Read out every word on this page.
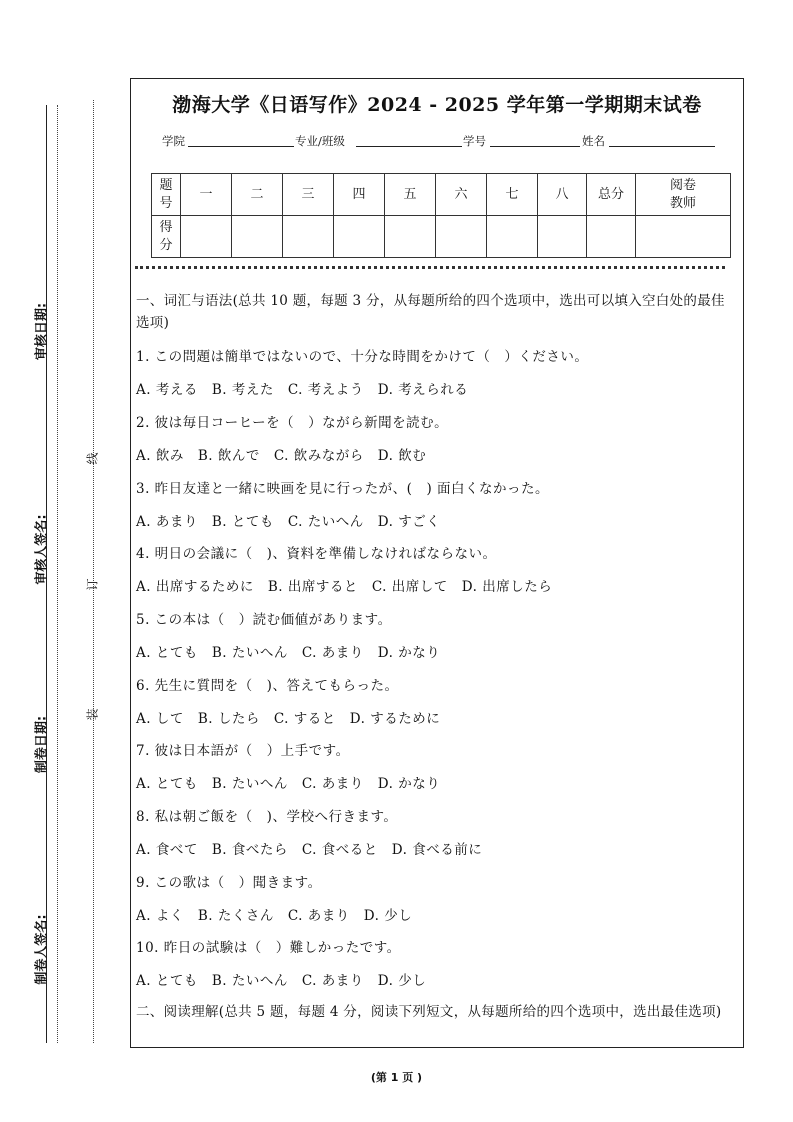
审核日期:
审核人签名:
制卷日期:
制卷人签名:
线
订
装
渤海大学《日语写作》2024 - 2025 学年第一学期期末试卷
学院	专业/班级	学号	姓名
题号	一	二	三	四	五	六	七	八	总分	阅卷教师
得分										
一、词汇与语法(总共 10 题，每题 3 分，从每题所给的四个选项中，选出可以填入空白处的最佳选项)
1. この問題は簡単ではないので、十分な時間をかけて（　）ください。
A. 考える　B. 考えた　C. 考えよう　D. 考えられる
2. 彼は毎日コーヒーを（　）ながら新聞を読む。
A. 飲み　B. 飲んで　C. 飲みながら　D. 飲む
3. 昨日友達と一緒に映画を見に行ったが、(　) 面白くなかった。
A. あまり　B. とても　C. たいへん　D. すごく
4. 明日の会議に（　)、資料を準備しなければならない。
A. 出席するために　B. 出席すると　C. 出席して　D. 出席したら
5. この本は（　）読む価値があります。
A. とても　B. たいへん　C. あまり　D. かなり
6. 先生に質問を（　)、答えてもらった。
A. して　B. したら　C. すると　D. するために
7. 彼は日本語が（　）上手です。
A. とても　B. たいへん　C. あまり　D. かなり
8. 私は朝ご飯を（　)、学校へ行きます。
A. 食べて　B. 食べたら　C. 食べると　D. 食べる前に
9. この歌は（　）聞きます。
A. よく　B. たくさん　C. あまり　D. 少し
10. 昨日の試験は（　）難しかったです。
A. とても　B. たいへん　C. あまり　D. 少し
二、阅读理解(总共 5 题，每题 4 分，阅读下列短文，从每题所给的四个选项中，选出最佳选项)
(第 1 页 )
